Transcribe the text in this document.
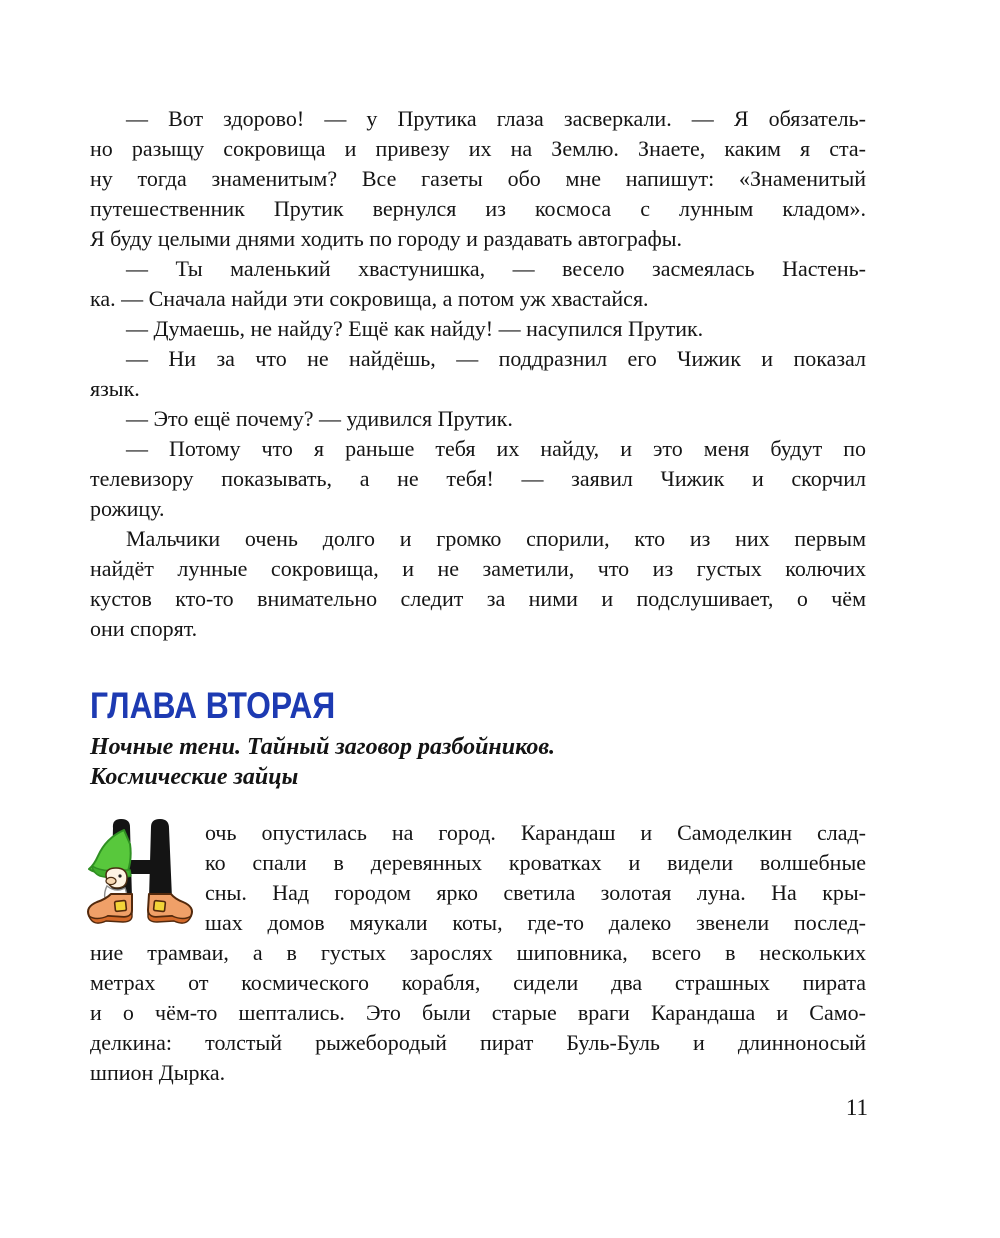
— Вот здорово! — у Прутика глаза засверкали. — Я обязатель-
но разыщу сокровища и привезу их на Землю. Знаете, каким я ста-
ну тогда знаменитым? Все газеты обо мне напишут: «Знаменитый
путешественник Прутик вернулся из космоса с лунным кладом».
Я буду целыми днями ходить по городу и раздавать автографы.
— Ты маленький хвастунишка, — весело засмеялась Настень-
ка. — Сначала найди эти сокровища, а потом уж хвастайся.
— Думаешь, не найду? Ещё как найду! — насупился Прутик.
— Ни за что не найдёшь, — поддразнил его Чижик и показал
язык.
— Это ещё почему? — удивился Прутик.
— Потому что я раньше тебя их найду, и это меня будут по
телевизору показывать, а не тебя! — заявил Чижик и скорчил
рожицу.
Мальчики очень долго и громко спорили, кто из них первым
найдёт лунные сокровища, и не заметили, что из густых колючих
кустов кто-то внимательно следит за ними и подслушивает, о чём
они спорят.
ГЛАВА ВТОРАЯ
Ночные тени. Тайный заговор разбойников.
Космические зайцы
очь опустилась на город. Карандаш и Самоделкин слад-
ко спали в деревянных кроватках и видели волшебные
сны. Над городом ярко светила золотая луна. На кры-
шах домов мяукали коты, где-то далеко звенели послед-
ние трамваи, а в густых зарослях шиповника, всего в нескольких
метрах от космического корабля, сидели два страшных пирата
и о чём-то шептались. Это были старые враги Карандаша и Само-
делкина: толстый рыжебородый пират Буль-Буль и длинноносый
шпион Дырка.
11
